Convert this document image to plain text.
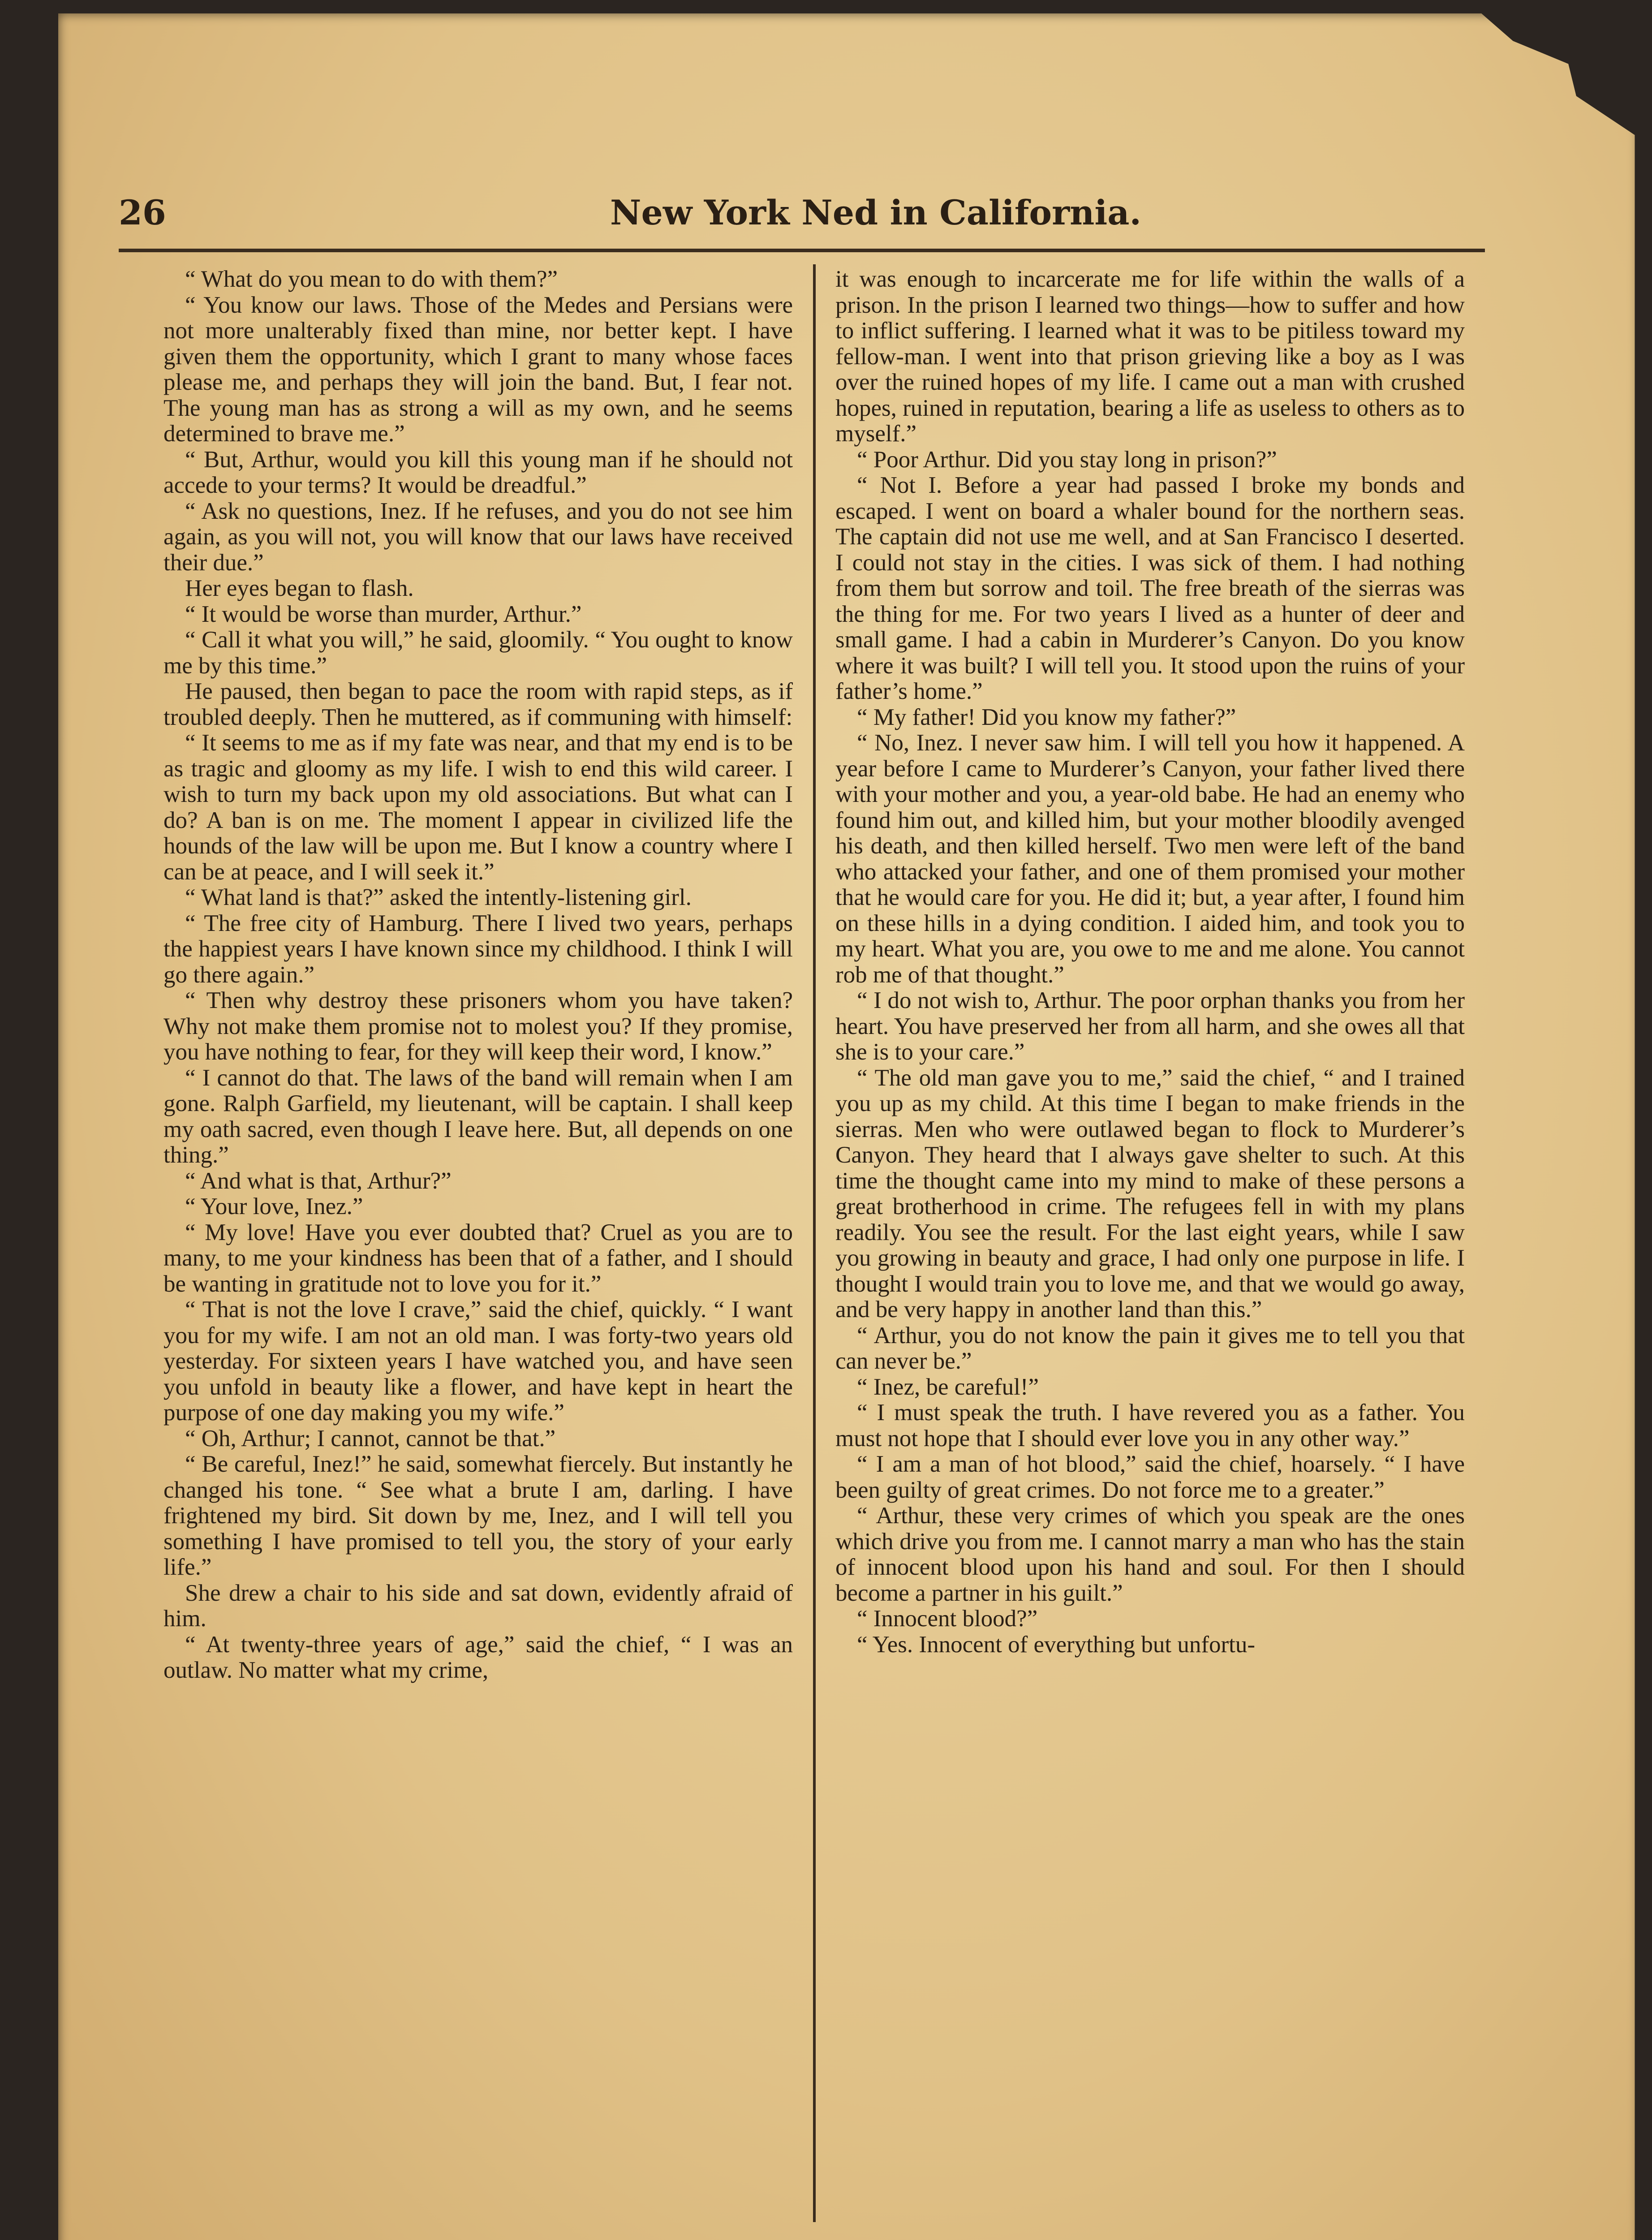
26	New York Ned in California.

“ What do you mean to do with them?”

“ You know our laws. Those of the Medes and Persians were not more unalterably fixed than mine, nor better kept. I have given them the opportunity, which I grant to many whose faces please me, and perhaps they will join the band. But, I fear not. The young man has as strong a will as my own, and he seems determined to brave me.”

“ But, Arthur, would you kill this young man if he should not accede to your terms? It would be dreadful.”

“ Ask no questions, Inez. If he refuses, and you do not see him again, as you will not, you will know that our laws have received their due.”

Her eyes began to flash.

“ It would be worse than murder, Arthur.”

“ Call it what you will,” he said, gloomily. “ You ought to know me by this time.”

He paused, then began to pace the room with rapid steps, as if troubled deeply. Then he muttered, as if communing with himself:

“ It seems to me as if my fate was near, and that my end is to be as tragic and gloomy as my life. I wish to end this wild career. I wish to turn my back upon my old associations. But what can I do? A ban is on me. The moment I appear in civilized life the hounds of the law will be upon me. But I know a country where I can be at peace, and I will seek it.”

“ What land is that?” asked the intently-listening girl.

“ The free city of Hamburg. There I lived two years, perhaps the happiest years I have known since my childhood. I think I will go there again.”

“ Then why destroy these prisoners whom you have taken? Why not make them promise not to molest you? If they promise, you have nothing to fear, for they will keep their word, I know.”

“ I cannot do that. The laws of the band will remain when I am gone. Ralph Garfield, my lieutenant, will be captain. I shall keep my oath sacred, even though I leave here. But, all depends on one thing.”

“ And what is that, Arthur?”

“ Your love, Inez.”

“ My love! Have you ever doubted that? Cruel as you are to many, to me your kindness has been that of a father, and I should be wanting in gratitude not to love you for it.”

“ That is not the love I crave,” said the chief, quickly. “ I want you for my wife. I am not an old man. I was forty-two years old yesterday. For sixteen years I have watched you, and have seen you unfold in beauty like a flower, and have kept in heart the purpose of one day making you my wife.”

“ Oh, Arthur; I cannot, cannot be that.”

“ Be careful, Inez!” he said, somewhat fiercely. But instantly he changed his tone. “ See what a brute I am, darling. I have frightened my bird. Sit down by me, Inez, and I will tell you something I have promised to tell you, the story of your early life.”

She drew a chair to his side and sat down, evidently afraid of him.

“ At twenty-three years of age,” said the chief, “ I was an outlaw. No matter what my crime,

it was enough to incarcerate me for life within the walls of a prison. In the prison I learned two things—how to suffer and how to inflict suffering. I learned what it was to be pitiless toward my fellow-man. I went into that prison grieving like a boy as I was over the ruined hopes of my life. I came out a man with crushed hopes, ruined in reputation, bearing a life as useless to others as to myself.”

“ Poor Arthur. Did you stay long in prison?”

“ Not I. Before a year had passed I broke my bonds and escaped. I went on board a whaler bound for the northern seas. The captain did not use me well, and at San Francisco I deserted. I could not stay in the cities. I was sick of them. I had nothing from them but sorrow and toil. The free breath of the sierras was the thing for me. For two years I lived as a hunter of deer and small game. I had a cabin in Murderer’s Canyon. Do you know where it was built? I will tell you. It stood upon the ruins of your father’s home.”

“ My father! Did you know my father?”

“ No, Inez. I never saw him. I will tell you how it happened. A year before I came to Murderer’s Canyon, your father lived there with your mother and you, a year-old babe. He had an enemy who found him out, and killed him, but your mother bloodily avenged his death, and then killed herself. Two men were left of the band who attacked your father, and one of them promised your mother that he would care for you. He did it; but, a year after, I found him on these hills in a dying condition. I aided him, and took you to my heart. What you are, you owe to me and me alone. You cannot rob me of that thought.”

“ I do not wish to, Arthur. The poor orphan thanks you from her heart. You have preserved her from all harm, and she owes all that she is to your care.”

“ The old man gave you to me,” said the chief, “ and I trained you up as my child. At this time I began to make friends in the sierras. Men who were outlawed began to flock to Murderer’s Canyon. They heard that I always gave shelter to such. At this time the thought came into my mind to make of these persons a great brotherhood in crime. The refugees fell in with my plans readily. You see the result. For the last eight years, while I saw you growing in beauty and grace, I had only one purpose in life. I thought I would train you to love me, and that we would go away, and be very happy in another land than this.”

“ Arthur, you do not know the pain it gives me to tell you that can never be.”

“ Inez, be careful!”

“ I must speak the truth. I have revered you as a father. You must not hope that I should ever love you in any other way.”

“ I am a man of hot blood,” said the chief, hoarsely. “ I have been guilty of great crimes. Do not force me to a greater.”

“ Arthur, these very crimes of which you speak are the ones which drive you from me. I cannot marry a man who has the stain of innocent blood upon his hand and soul. For then I should become a partner in his guilt.”

“ Innocent blood?”

“ Yes. Innocent of everything but unfortu-
